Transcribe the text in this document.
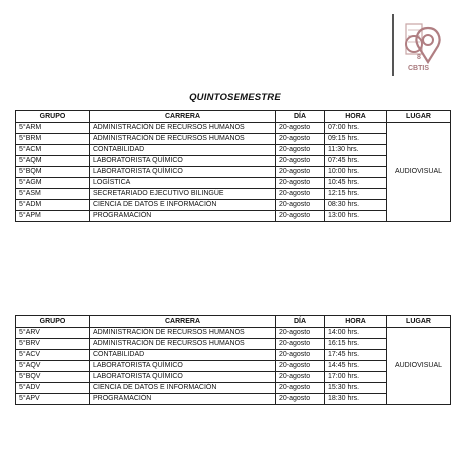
8
CBTIS
QUINTOSEMESTRE
GRUPO	CARRERA	DÍA	HORA	LUGAR
5°ARM	ADMINISTRACIÓN DE RECURSOS HUMANOS	20-agosto	07:00 hrs.	AUDIOVISUAL
5°BRM	ADMINISTRACIÓN DE RECURSOS HUMANOS	20-agosto	09:15 hrs.	
5°ACM	CONTABILIDAD	20-agosto	11:30 hrs.	
5°AQM	LABORATORISTA QUÍMICO	20-agosto	07:45 hrs.	
5°BQM	LABORATORISTA QUÍMICO	20-agosto	10:00 hrs.	
5°AGM	LOGÍSTICA	20-agosto	10:45 hrs.	
5°ASM	SECRETARIADO EJECUTIVO BILINGÜE	20-agosto	12:15 hrs.	
5°ADM	CIENCIA DE DATOS E INFORMACIÓN	20-agosto	08:30 hrs.	
5°APM	PROGRAMACIÓN	20-agosto	13:00 hrs.	
GRUPO	CARRERA	DÍA	HORA	LUGAR
5°ARV	ADMINISTRACIÓN DE RECURSOS HUMANOS	20-agosto	14:00 hrs.	AUDIOVISUAL
5°BRV	ADMINISTRACIÓN DE RECURSOS HUMANOS	20-agosto	16:15 hrs.	
5°ACV	CONTABILIDAD	20-agosto	17:45 hrs.	
5°AQV	LABORATORISTA QUÍMICO	20-agosto	14:45 hrs.	
5°BQV	LABORATORISTA QUÍMICO	20-agosto	17:00 hrs.	
5°ADV	CIENCIA DE DATOS E INFORMACIÓN	20-agosto	15:30 hrs.	
5°APV	PROGRAMACIÓN	20-agosto	18:30 hrs.	
